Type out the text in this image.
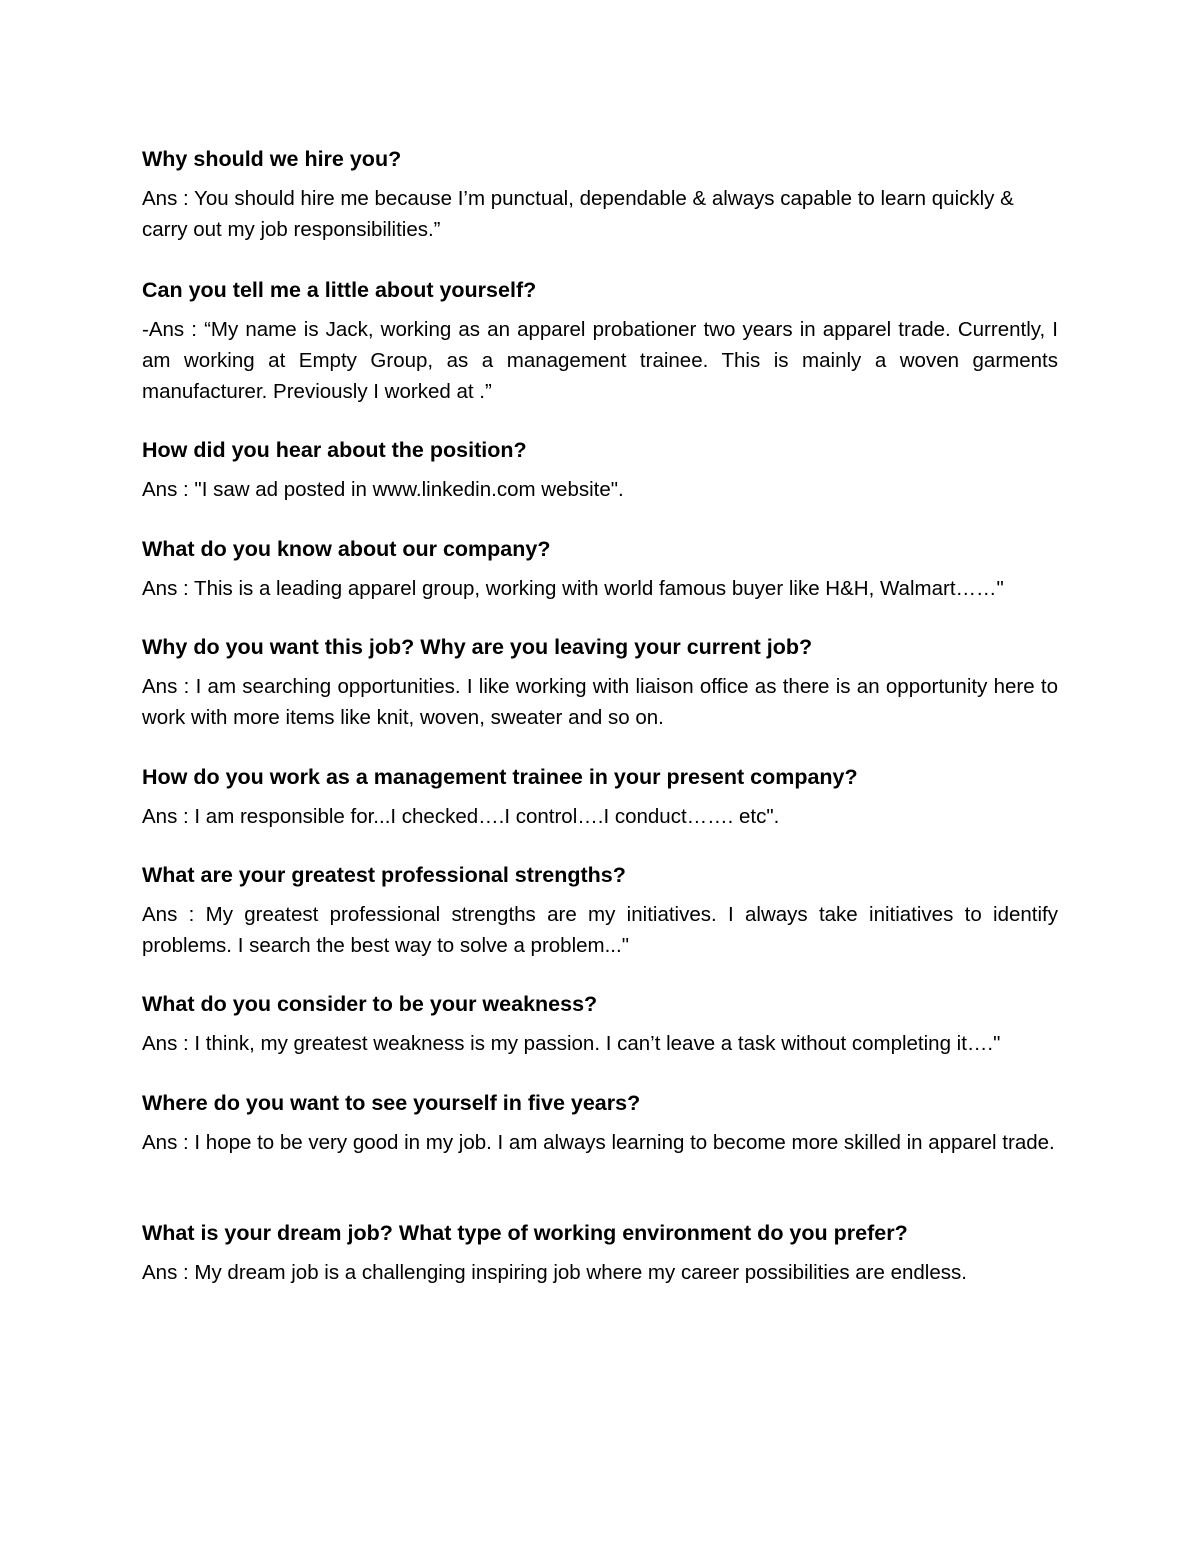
Why should we hire you?

Ans : You should hire me because I’m punctual, dependable & always capable to learn quickly & carry out my job responsibilities.”

Can you tell me a little about yourself?

-Ans : “My name is Jack, working as an apparel probationer two years in apparel trade. Currently, I am working at Empty Group, as a management trainee. This is mainly a woven garments manufacturer. Previously I worked at .”

How did you hear about the position?

Ans : "I saw ad posted in www.linkedin.com website".

What do you know about our company?

Ans : This is a leading apparel group, working with world famous buyer like H&H, Walmart……"

Why do you want this job? Why are you leaving your current job?

Ans : I am searching opportunities. I like working with liaison office as there is an opportunity here to work with more items like knit, woven, sweater and so on.

How do you work as a management trainee in your present company?

Ans : I am responsible for...I checked….I control….I conduct……. etc".

What are your greatest professional strengths?

Ans : My greatest professional strengths are my initiatives. I always take initiatives to identify problems. I search the best way to solve a problem..."

What do you consider to be your weakness?

Ans : I think, my greatest weakness is my passion. I can’t leave a task without completing it…."

Where do you want to see yourself in five years?

Ans : I hope to be very good in my job. I am always learning to become more skilled in apparel trade.

What is your dream job? What type of working environment do you prefer?

Ans : My dream job is a challenging inspiring job where my career possibilities are endless.
